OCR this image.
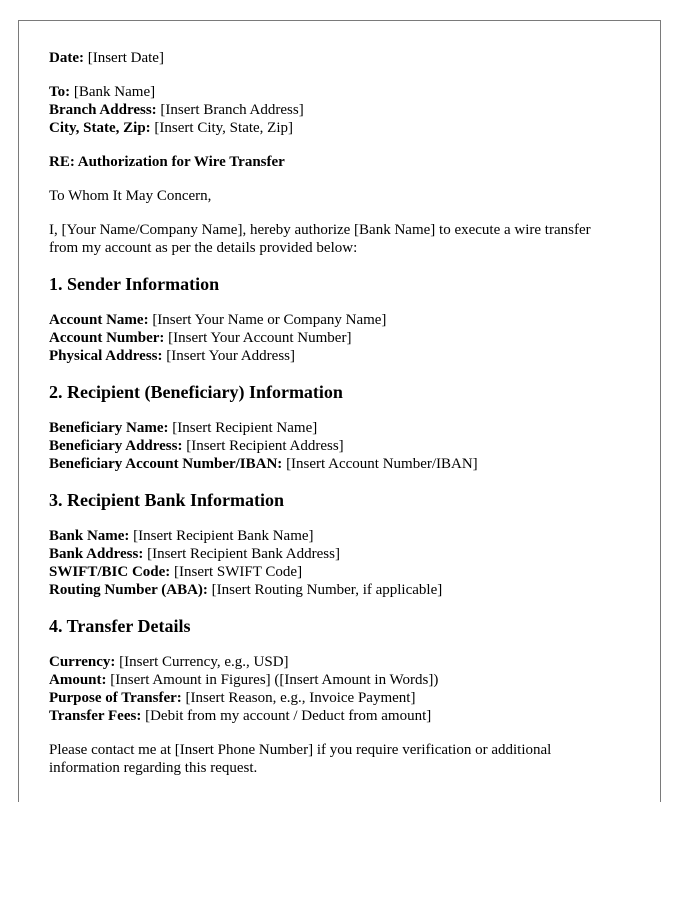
Date: [Insert Date]
To: [Bank Name]
Branch Address: [Insert Branch Address]
City, State, Zip: [Insert City, State, Zip]
RE: Authorization for Wire Transfer
To Whom It May Concern,
I, [Your Name/Company Name], hereby authorize [Bank Name] to execute a wire transfer
from my account as per the details provided below:
1. Sender Information
Account Name: [Insert Your Name or Company Name]
Account Number: [Insert Your Account Number]
Physical Address: [Insert Your Address]
2. Recipient (Beneficiary) Information
Beneficiary Name: [Insert Recipient Name]
Beneficiary Address: [Insert Recipient Address]
Beneficiary Account Number/IBAN: [Insert Account Number/IBAN]
3. Recipient Bank Information
Bank Name: [Insert Recipient Bank Name]
Bank Address: [Insert Recipient Bank Address]
SWIFT/BIC Code: [Insert SWIFT Code]
Routing Number (ABA): [Insert Routing Number, if applicable]
4. Transfer Details
Currency: [Insert Currency, e.g., USD]
Amount: [Insert Amount in Figures] ([Insert Amount in Words])
Purpose of Transfer: [Insert Reason, e.g., Invoice Payment]
Transfer Fees: [Debit from my account / Deduct from amount]
Please contact me at [Insert Phone Number] if you require verification or additional
information regarding this request.
